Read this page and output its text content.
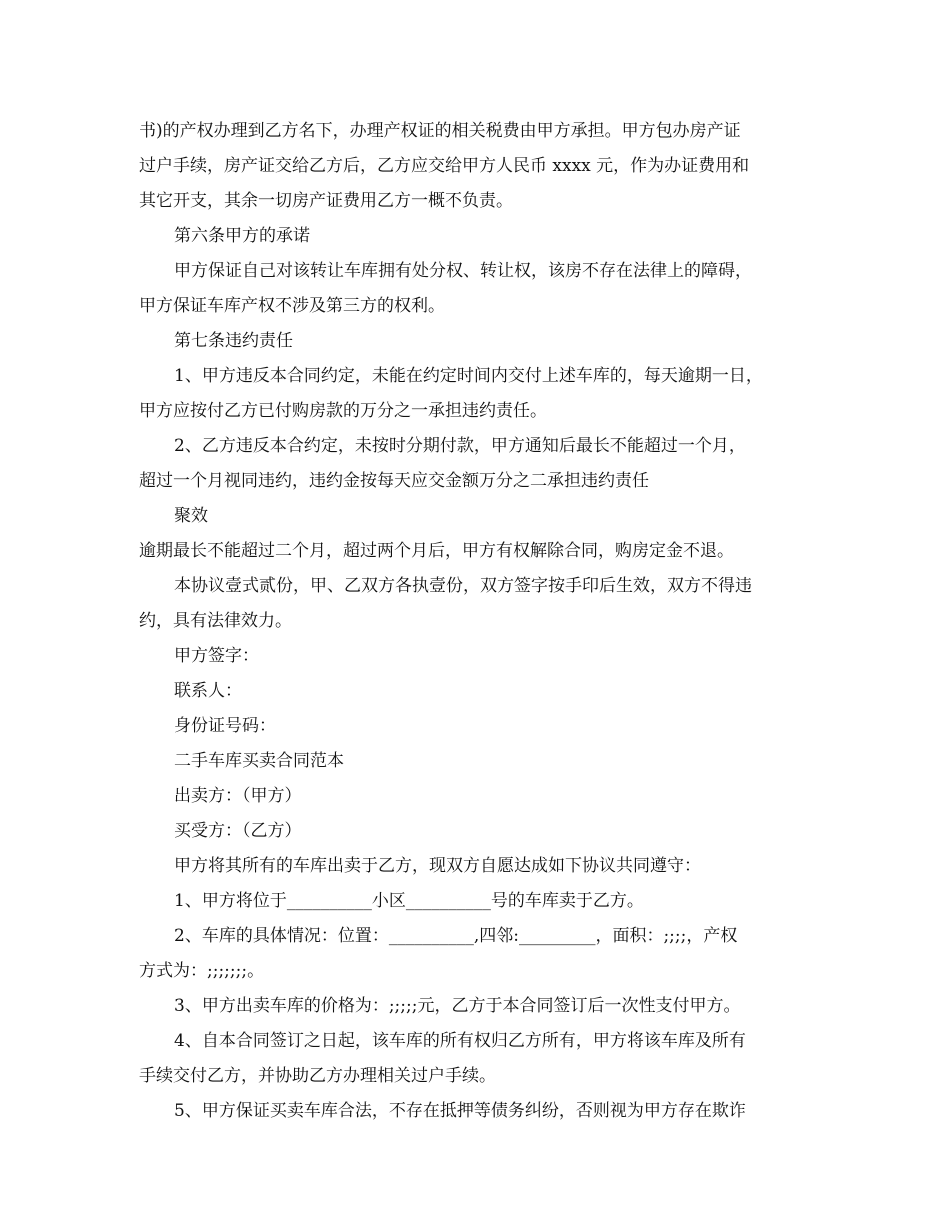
书)的产权办理到乙方名下，办理产权证的相关税费由甲方承担。甲方包办房产证
过户手续，房产证交给乙方后，乙方应交给甲方人民币 xxxx 元，作为办证费用和
其它开支，其余一切房产证费用乙方一概不负责。
第六条甲方的承诺
甲方保证自己对该转让车库拥有处分权、转让权，该房不存在法律上的障碍，
甲方保证车库产权不涉及第三方的权利。
第七条违约责任
1、甲方违反本合同约定，未能在约定时间内交付上述车库的，每天逾期一日，
甲方应按付乙方已付购房款的万分之一承担违约责任。
2、乙方违反本合约定，未按时分期付款，甲方通知后最长不能超过一个月，
超过一个月视同违约，违约金按每天应交金额万分之二承担违约责任
聚效
逾期最长不能超过二个月，超过两个月后，甲方有权解除合同，购房定金不退。
本协议壹式贰份，甲、乙双方各执壹份，双方签字按手印后生效，双方不得违
约，具有法律效力。
甲方签字：
联系人：
身份证号码：
二手车库买卖合同范本
出卖方：（甲方）
买受方：（乙方）
甲方将其所有的车库出卖于乙方，现双方自愿达成如下协议共同遵守：
1、甲方将位于__________小区__________号的车库卖于乙方。
2、车库的具体情况：位置：__________,四邻:_________，面积：;;;;，产权
方式为：;;;;;;;。
3、甲方出卖车库的价格为：;;;;;元，乙方于本合同签订后一次性支付甲方。
4、自本合同签订之日起，该车库的所有权归乙方所有，甲方将该车库及所有
手续交付乙方，并协助乙方办理相关过户手续。
5、甲方保证买卖车库合法，不存在抵押等债务纠纷，否则视为甲方存在欺诈
